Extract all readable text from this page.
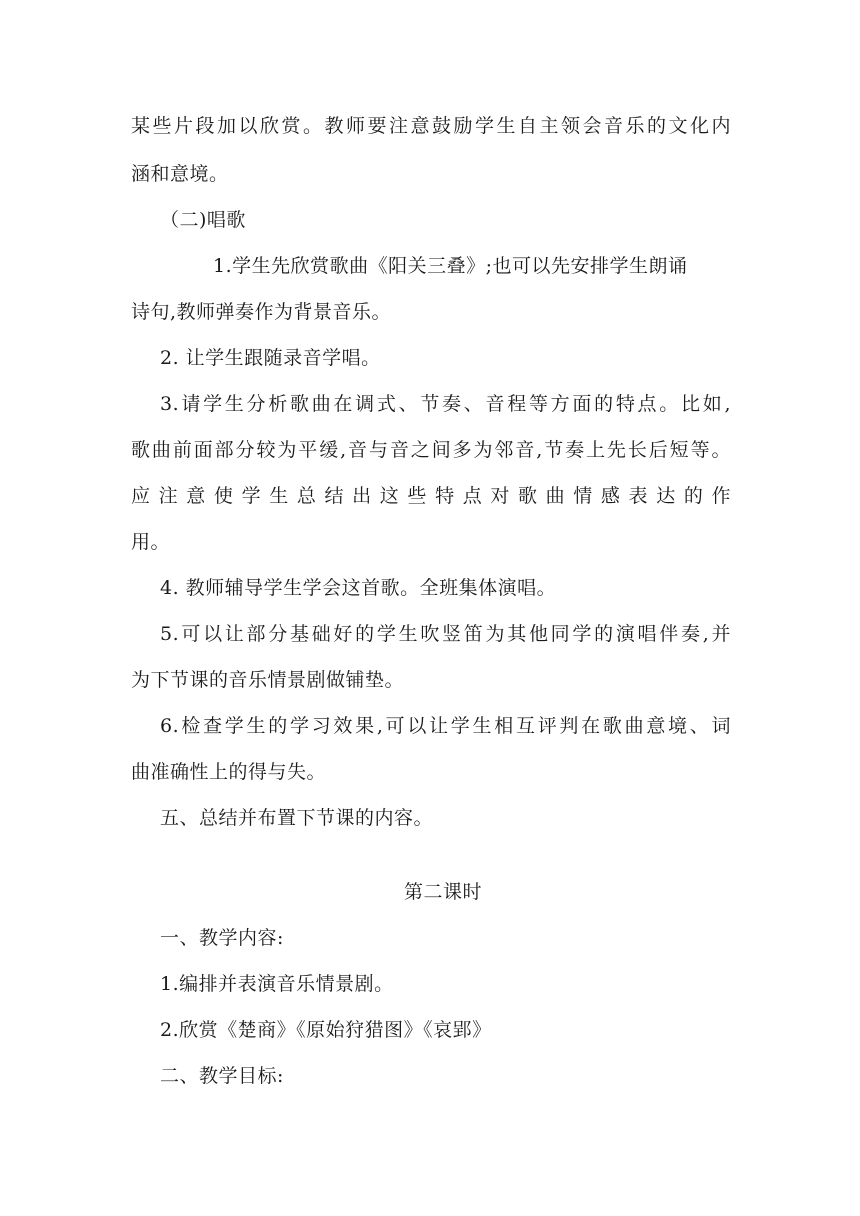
某些片段加以欣赏。教师要注意鼓励学生自主领会音乐的文化内
涵和意境。
（二)唱歌
1.学生先欣赏歌曲《阳关三叠》;也可以先安排学生朗诵
诗句,教师弹奏作为背景音乐。
2. 让学生跟随录音学唱。
3.请学生分析歌曲在调式、节奏、音程等方面的特点。比如,
歌曲前面部分较为平缓,音与音之间多为邻音,节奏上先长后短等。
应注意使学生总结出这些特点对歌曲情感表达的作
用。
4. 教师辅导学生学会这首歌。全班集体演唱。
5.可以让部分基础好的学生吹竖笛为其他同学的演唱伴奏,并
为下节课的音乐情景剧做铺垫。
6.检查学生的学习效果,可以让学生相互评判在歌曲意境、词
曲准确性上的得与失。
五、总结并布置下节课的内容。
第二课时
一、教学内容:
1.编排并表演音乐情景剧。
2.欣赏《楚商》《原始狩猎图》《哀郢》
二、教学目标:
